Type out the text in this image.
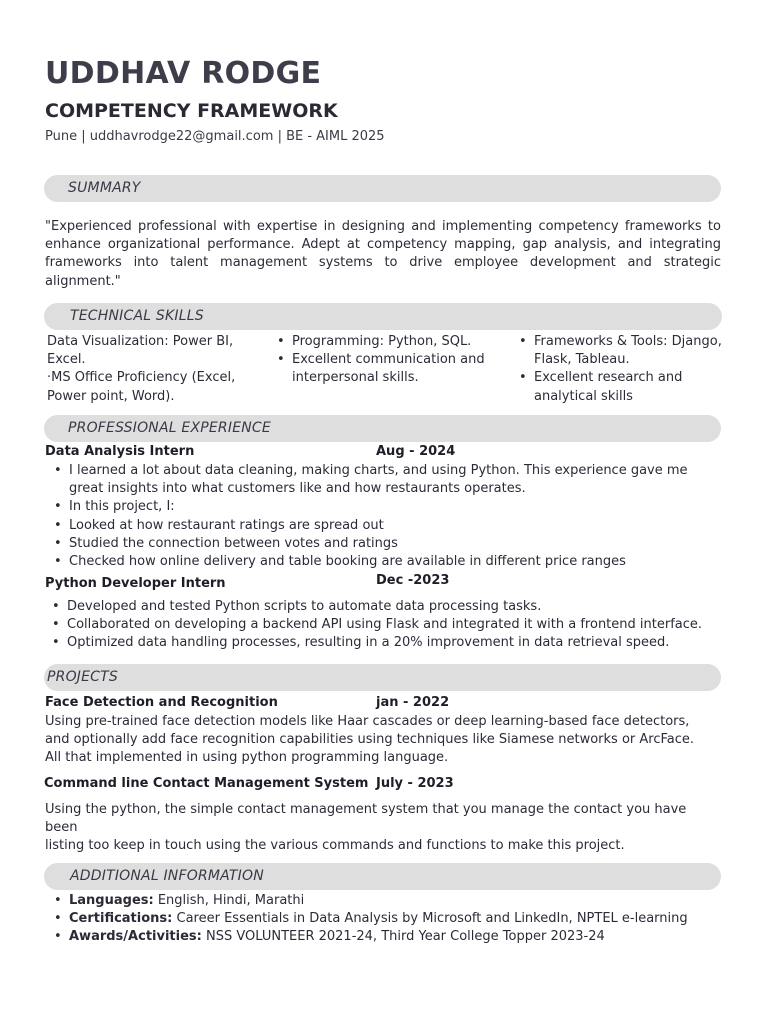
UDDHAV RODGE
COMPETENCY FRAMEWORK
Pune | uddhavrodge22@gmail.com | BE - AIML 2025
SUMMARY

"Experienced professional with expertise in designing and implementing competency frameworks to enhance organizational performance. Adept at competency mapping, gap analysis, and integrating frameworks into talent management systems to drive employee development and strategic alignment."

TECHNICAL SKILLS
Data Visualization: Power BI, Excel.
·MS Office Proficiency (Excel, Power point, Word).
• Programming: Python, SQL.
• Excellent communication and interpersonal skills.
• Frameworks & Tools: Django, Flask, Tableau.
• Excellent research and analytical skills
PROFESSIONAL EXPERIENCE
Data Analysis Intern	Aug - 2024
• I learned a lot about data cleaning, making charts, and using Python. This experience gave me great insights into what customers like and how restaurants operates.
• In this project, I:
• Looked at how restaurant ratings are spread out
• Studied the connection between votes and ratings
• Checked how online delivery and table booking are available in different price ranges
Python Developer Intern	Dec -2023
• Developed and tested Python scripts to automate data processing tasks.
• Collaborated on developing a backend API using Flask and integrated it with a frontend interface.
• Optimized data handling processes, resulting in a 20% improvement in data retrieval speed.
PROJECTS
Face Detection and Recognition	jan - 2022
Using pre-trained face detection models like Haar cascades or deep learning-based face detectors,
and optionally add face recognition capabilities using techniques like Siamese networks or ArcFace.
All that implemented in using python programming language.
Command line Contact Management System July - 2023
Using the python, the simple contact management system that you manage the contact you have been
listing too keep in touch using the various commands and functions to make this project.
ADDITIONAL INFORMATION
• Languages: English, Hindi, Marathi
• Certifications: Career Essentials in Data Analysis by Microsoft and LinkedIn, NPTEL e-learning
• Awards/Activities: NSS VOLUNTEER 2021-24, Third Year College Topper 2023-24
